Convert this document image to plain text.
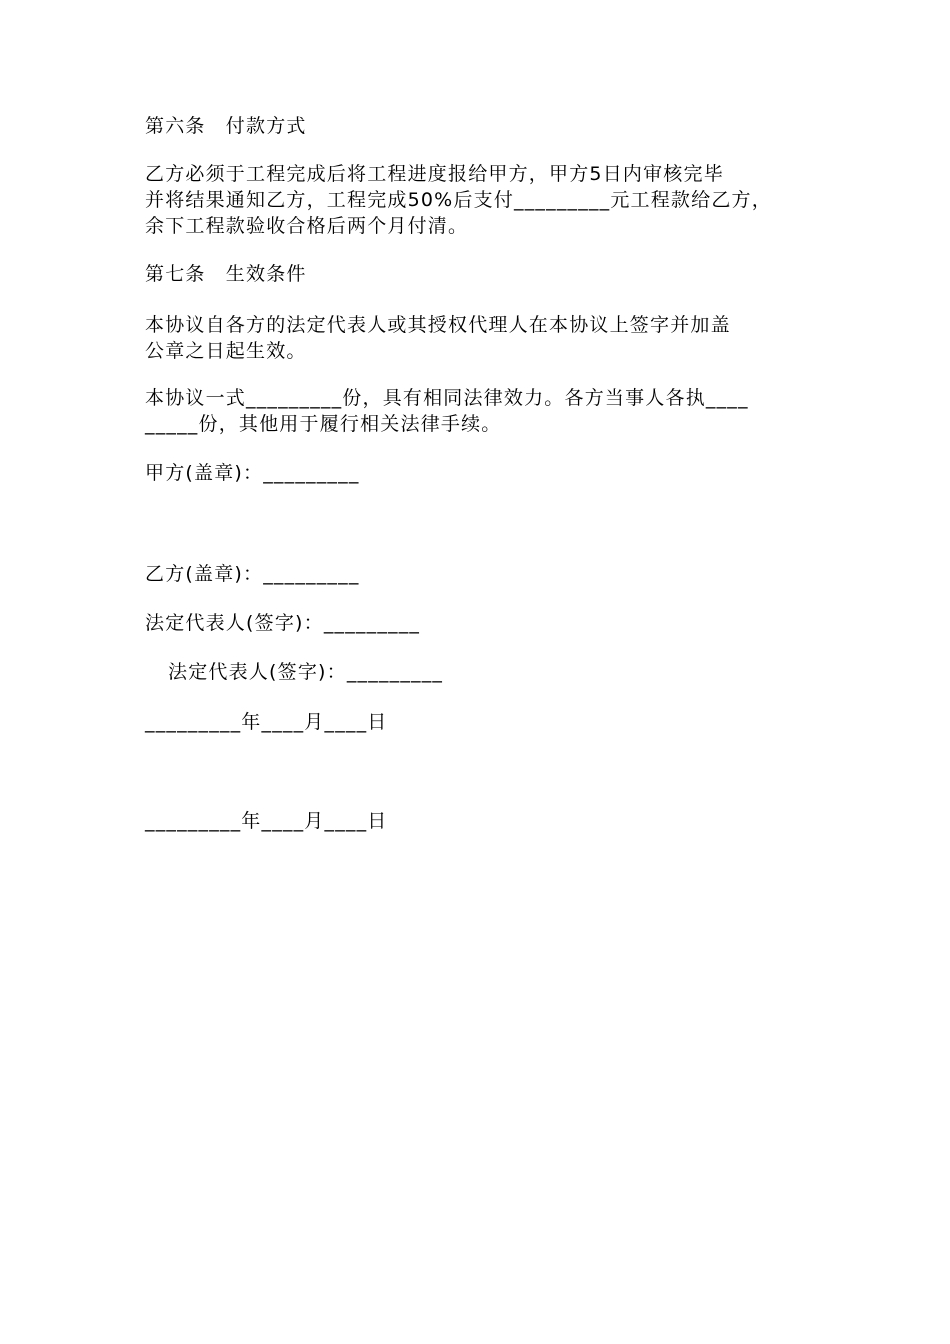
第六条　付款方式
乙方必须于工程完成后将工程进度报给甲方，甲方5日内审核完毕
并将结果通知乙方，工程完成50%后支付_________元工程款给乙方，
余下工程款验收合格后两个月付清。
第七条　生效条件
本协议自各方的法定代表人或其授权代理人在本协议上签字并加盖
公章之日起生效。
本协议一式_________份，具有相同法律效力。各方当事人各执____
_____份，其他用于履行相关法律手续。
甲方(盖章)：_________
乙方(盖章)：_________
法定代表人(签字)：_________
法定代表人(签字)：_________
_________年____月____日
_________年____月____日
